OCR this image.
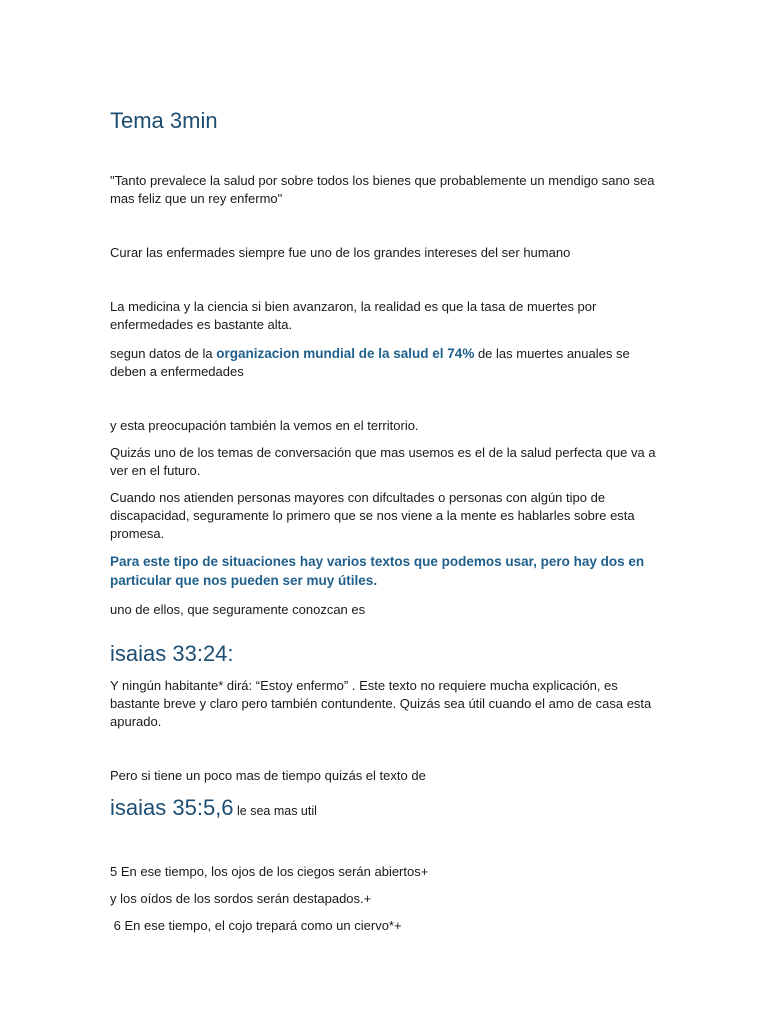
Tema 3min

"Tanto prevalece la salud por sobre todos los bienes que probablemente un mendigo sano sea mas feliz que un rey enfermo"

Curar las enfermades siempre fue uno de los grandes intereses del ser humano

La medicina y la ciencia si bien avanzaron, la realidad es que la tasa de muertes por enfermedades es bastante alta.

segun datos de la organizacion mundial de la salud el 74% de las muertes anuales se deben a enfermedades

y esta preocupación también la vemos en el territorio.

Quizás uno de los temas de conversación que mas usemos es el de la salud perfecta que va a ver en el futuro.

Cuando nos atienden personas mayores con difcultades o personas con algún tipo de discapacidad, seguramente lo primero que se nos viene a la mente es hablarles sobre esta promesa.

Para este tipo de situaciones hay varios textos que podemos usar, pero hay dos en particular que nos pueden ser muy útiles.

uno de ellos, que seguramente conozcan es

isaias 33:24:

Y ningún habitante* dirá: “Estoy enfermo” . Este texto no requiere mucha explicación, es bastante breve y claro pero también contundente. Quizás sea útil cuando el amo de casa esta apurado.

Pero si tiene un poco mas de tiempo quizás el texto de

isaias 35:5,6 le sea mas util

5 En ese tiempo, los ojos de los ciegos serán abiertos+

y los oídos de los sordos serán destapados.+

6 En ese tiempo, el cojo trepará como un ciervo*+
